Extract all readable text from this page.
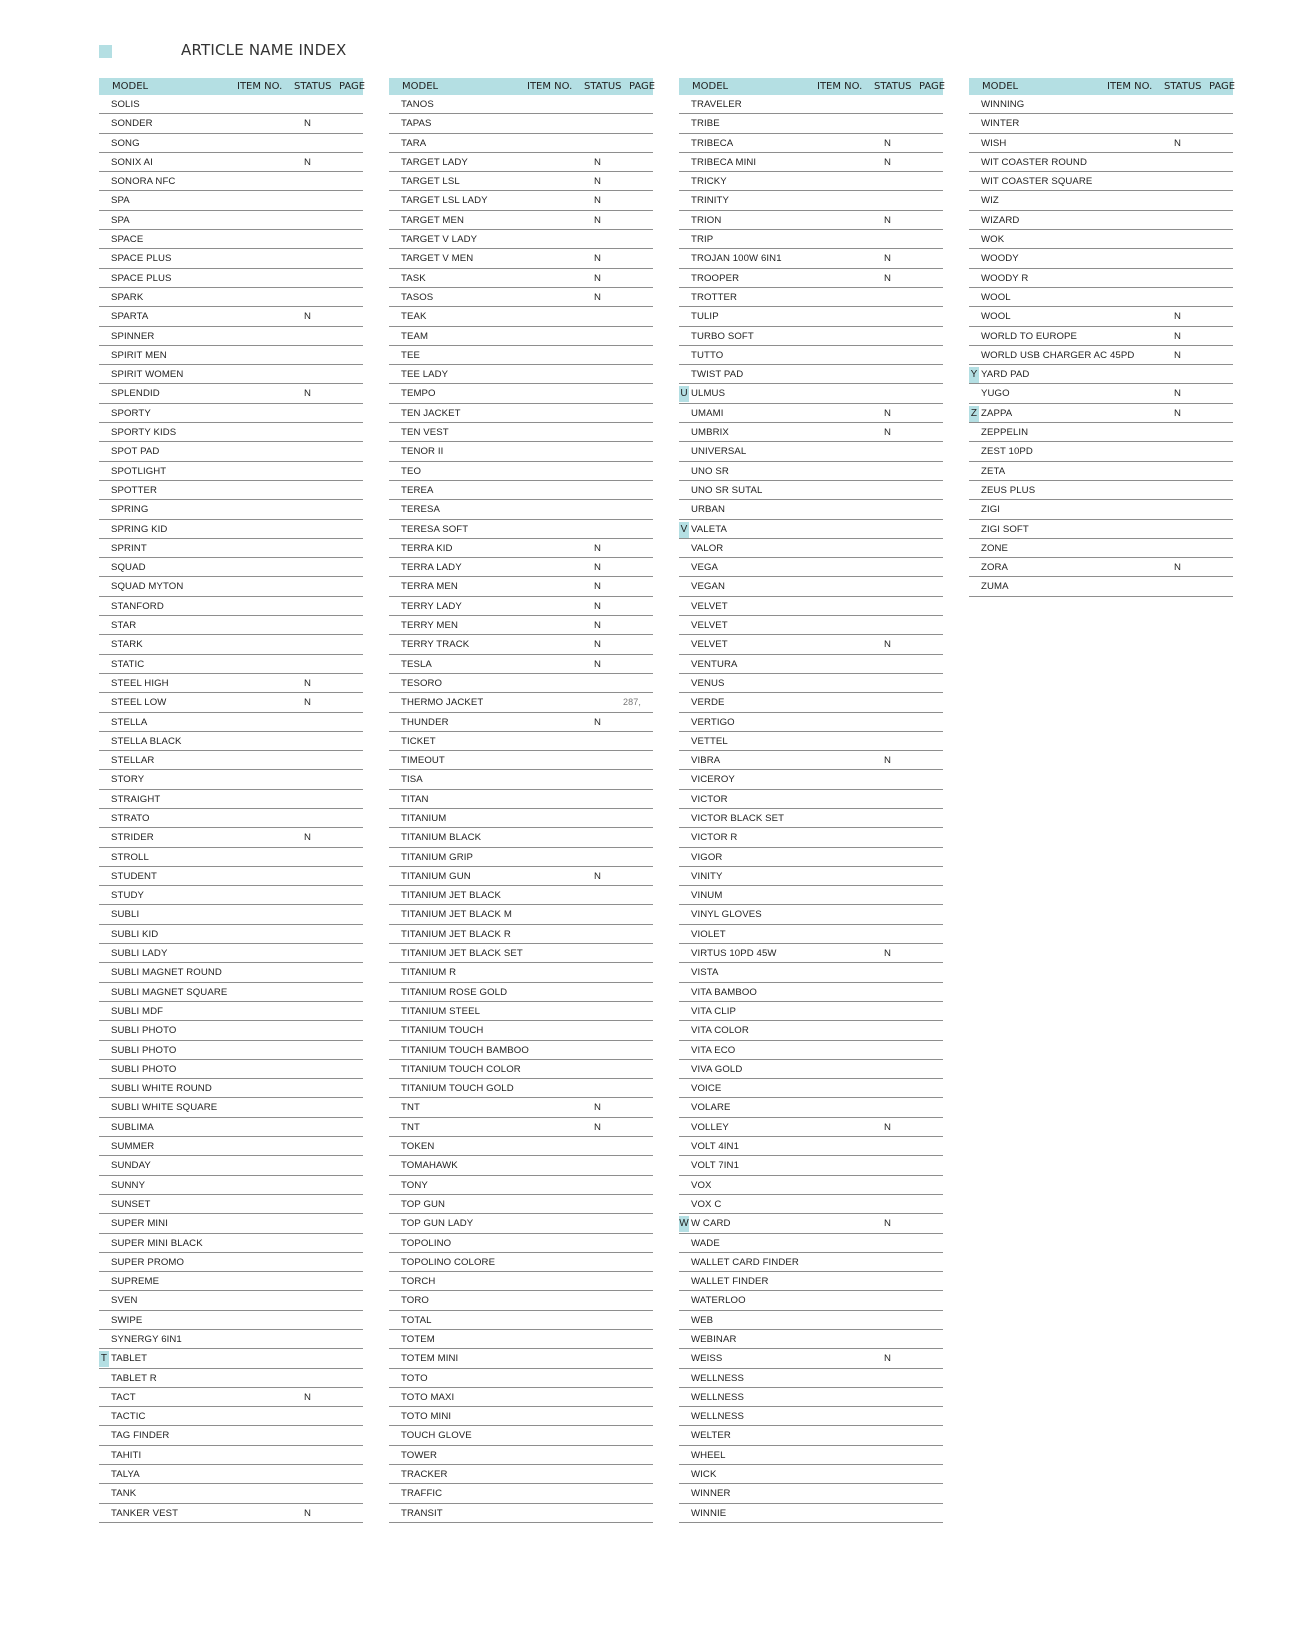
ARTICLE NAME INDEX
MODEL	ITEM NO. STATUS PAGE
SOLIS
SONDER	N
SONG
SONIX AI	N
SONORA NFC
SPA
SPA
SPACE
SPACE PLUS
SPACE PLUS
SPARK
SPARTA	N
SPINNER
SPIRIT MEN
SPIRIT WOMEN
SPLENDID	N
SPORTY
SPORTY KIDS
SPOT PAD
SPOTLIGHT
SPOTTER
SPRING
SPRING KID
SPRINT
SQUAD
SQUAD MYTON
STANFORD
STAR
STARK
STATIC
STEEL HIGH	N
STEEL LOW	N
STELLA
STELLA BLACK
STELLAR
STORY
STRAIGHT
STRATO
STRIDER	N
STROLL
STUDENT
STUDY
SUBLI
SUBLI KID
SUBLI LADY
SUBLI MAGNET ROUND
SUBLI MAGNET SQUARE
SUBLI MDF
SUBLI PHOTO
SUBLI PHOTO
SUBLI PHOTO
SUBLI WHITE ROUND
SUBLI WHITE SQUARE
SUBLIMA
SUMMER
SUNDAY
SUNNY
SUNSET
SUPER MINI
SUPER MINI BLACK
SUPER PROMO
SUPREME
SVEN
SWIPE
SYNERGY 6IN1
T TABLET
TABLET R
TACT	N
TACTIC
TAG FINDER
TAHITI
TALYA
TANK
TANKER VEST	N
MODEL	ITEM NO. STATUS PAGE
TANOS
TAPAS
TARA
TARGET LADY	N
TARGET LSL	N
TARGET LSL LADY	N
TARGET MEN	N
TARGET V LADY
TARGET V MEN	N
TASK	N
TASOS	N
TEAK
TEAM
TEE
TEE LADY
TEMPO
TEN JACKET
TEN VEST
TENOR II
TEO
TEREA
TERESA
TERESA SOFT
TERRA KID	N
TERRA LADY	N
TERRA MEN	N
TERRY LADY	N
TERRY MEN	N
TERRY TRACK	N
TESLA	N
TESORO
THERMO JACKET	287,
THUNDER	N
TICKET
TIMEOUT
TISA
TITAN
TITANIUM
TITANIUM BLACK
TITANIUM GRIP
TITANIUM GUN	N
TITANIUM JET BLACK
TITANIUM JET BLACK M
TITANIUM JET BLACK R
TITANIUM JET BLACK SET
TITANIUM R
TITANIUM ROSE GOLD
TITANIUM STEEL
TITANIUM TOUCH
TITANIUM TOUCH BAMBOO
TITANIUM TOUCH COLOR
TITANIUM TOUCH GOLD
TNT	N
TNT	N
TOKEN
TOMAHAWK
TONY
TOP GUN
TOP GUN LADY
TOPOLINO
TOPOLINO COLORE
TORCH
TORO
TOTAL
TOTEM
TOTEM MINI
TOTO
TOTO MAXI
TOTO MINI
TOUCH GLOVE
TOWER
TRACKER
TRAFFIC
TRANSIT
MODEL	ITEM NO. STATUS PAGE
TRAVELER
TRIBE
TRIBECA	N
TRIBECA MINI	N
TRICKY
TRINITY
TRION	N
TRIP
TROJAN 100W 6IN1	N
TROOPER	N
TROTTER
TULIP
TURBO SOFT
TUTTO
TWIST PAD
U ULMUS
UMAMI	N
UMBRIX	N
UNIVERSAL
UNO SR
UNO SR SUTAL
URBAN
V VALETA
VALOR
VEGA
VEGAN
VELVET
VELVET
VELVET	N
VENTURA
VENUS
VERDE
VERTIGO
VETTEL
VIBRA	N
VICEROY
VICTOR
VICTOR BLACK SET
VICTOR R
VIGOR
VINITY
VINUM
VINYL GLOVES
VIOLET
VIRTUS 10PD 45W	N
VISTA
VITA BAMBOO
VITA CLIP
VITA COLOR
VITA ECO
VIVA GOLD
VOICE
VOLARE
VOLLEY	N
VOLT 4IN1
VOLT 7IN1
VOX
VOX C
W W CARD	N
WADE
WALLET CARD FINDER
WALLET FINDER
WATERLOO
WEB
WEBINAR
WEISS	N
WELLNESS
WELLNESS
WELLNESS
WELTER
WHEEL
WICK
WINNER
WINNIE
MODEL	ITEM NO. STATUS PAGE
WINNING
WINTER
WISH	N
WIT COASTER ROUND
WIT COASTER SQUARE
WIZ
WIZARD
WOK
WOODY
WOODY R
WOOL
WOOL	N
WORLD TO EUROPE	N
WORLD USB CHARGER AC 45PD	N
Y YARD PAD
YUGO	N
Z ZAPPA	N
ZEPPELIN
ZEST 10PD
ZETA
ZEUS PLUS
ZIGI
ZIGI SOFT
ZONE
ZORA	N
ZUMA
